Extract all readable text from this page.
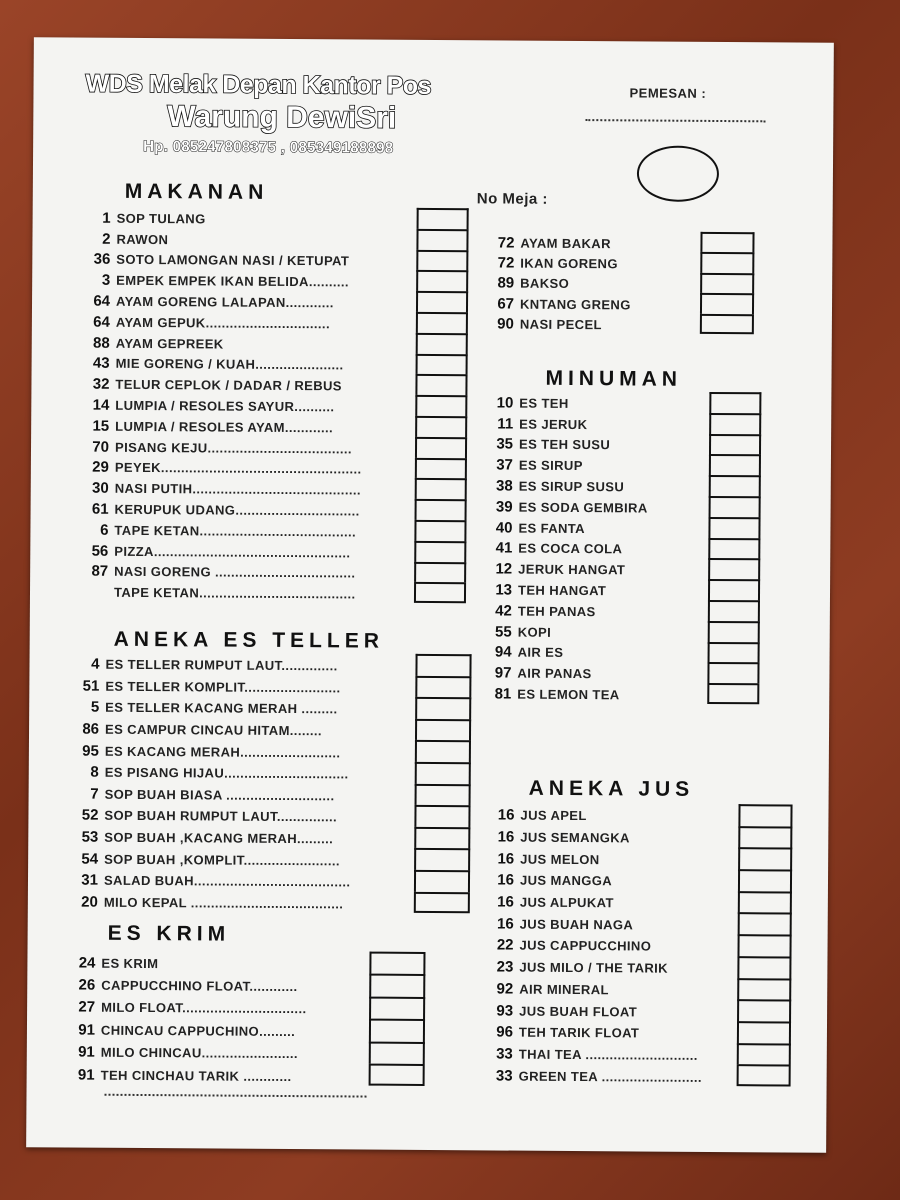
WDS Melak Depan Kantor Pos
Warung DewiSri
Hp. 085247808375 , 085349188898
PEMESAN :
No Meja :
MAKANAN
1 SOP TULANG
2 RAWON
36 SOTO LAMONGAN NASI / KETUPAT
3 EMPEK EMPEK IKAN BELIDA..........
64 AYAM GORENG LALAPAN............
64 AYAM GEPUK...............................
88 AYAM GEPREEK
43 MIE GORENG / KUAH......................
32 TELUR CEPLOK / DADAR / REBUS
14 LUMPIA / RESOLES SAYUR..........
15 LUMPIA / RESOLES AYAM............
70 PISANG KEJU....................................
29 PEYEK..................................................
30 NASI PUTIH..........................................
61 KERUPUK UDANG...............................
6 TAPE KETAN.......................................
56 PIZZA.................................................
87 NASI GORENG ...................................
TAPE KETAN.......................................
72 AYAM BAKAR
72 IKAN GORENG
89 BAKSO
67 KNTANG GRENG
90 NASI PECEL
MINUMAN
10 ES TEH
11 ES JERUK
35 ES TEH SUSU
37 ES SIRUP
38 ES SIRUP SUSU
39 ES SODA GEMBIRA
40 ES FANTA
41 ES COCA COLA
12 JERUK HANGAT
13 TEH HANGAT
42 TEH PANAS
55 KOPI
94 AIR ES
97 AIR PANAS
81 ES LEMON TEA
ANEKA ES TELLER
4 ES TELLER RUMPUT LAUT..............
51 ES TELLER KOMPLIT........................
5 ES TELLER KACANG MERAH .........
86 ES CAMPUR CINCAU HITAM........
95 ES KACANG MERAH.........................
8 ES PISANG HIJAU...............................
7 SOP BUAH BIASA ...........................
52 SOP BUAH RUMPUT LAUT...............
53 SOP BUAH ,KACANG MERAH.........
54 SOP BUAH ,KOMPLIT........................
31 SALAD BUAH.......................................
20 MILO KEPAL ......................................
ES KRIM
24 ES KRIM
26 CAPPUCCHINO FLOAT............
27 MILO FLOAT...............................
91 CHINCAU CAPPUCHINO.........
91 MILO CHINCAU........................
91 TEH CINCHAU TARIK ............
ANEKA JUS
16 JUS APEL
16 JUS SEMANGKA
16 JUS MELON
16 JUS MANGGA
16 JUS ALPUKAT
16 JUS BUAH NAGA
22 JUS CAPPUCCHINO
23 JUS MILO / THE TARIK
92 AIR MINERAL
93 JUS BUAH FLOAT
96 TEH TARIK FLOAT
33 THAI TEA ............................
33 GREEN TEA .........................
